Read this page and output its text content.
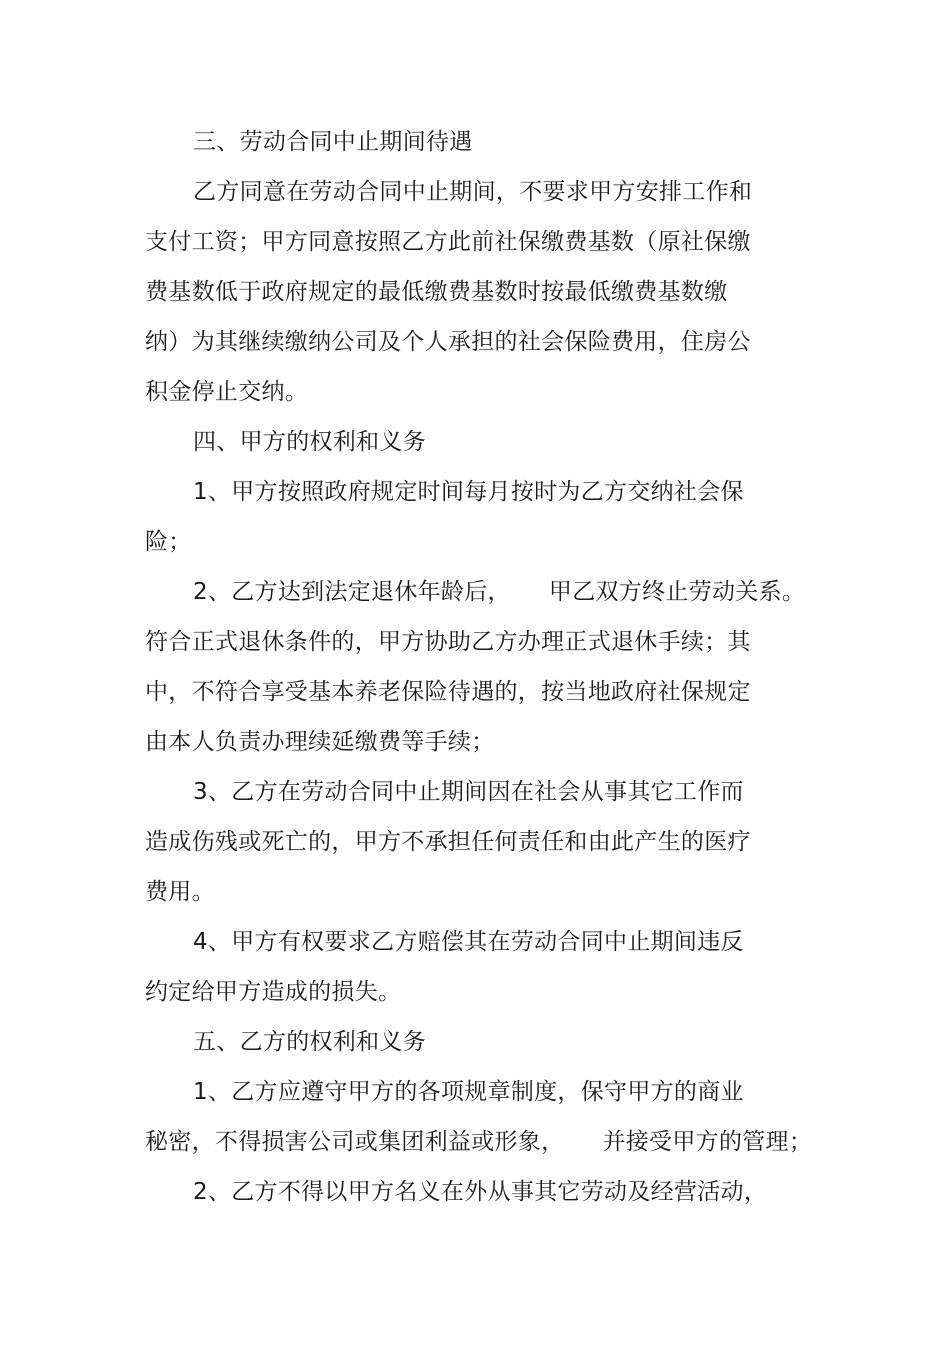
三、劳动合同中止期间待遇
乙方同意在劳动合同中止期间，不要求甲方安排工作和
支付工资；甲方同意按照乙方此前社保缴费基数（原社保缴
费基数低于政府规定的最低缴费基数时按最低缴费基数缴
纳）为其继续缴纳公司及个人承担的社会保险费用，住房公
积金停止交纳。
四、甲方的权利和义务
1、甲方按照政府规定时间每月按时为乙方交纳社会保
险；
2、乙方达到法定退休年龄后，     甲乙双方终止劳动关系。
符合正式退休条件的，甲方协助乙方办理正式退休手续；其
中，不符合享受基本养老保险待遇的，按当地政府社保规定
由本人负责办理续延缴费等手续；
3、乙方在劳动合同中止期间因在社会从事其它工作而
造成伤残或死亡的，甲方不承担任何责任和由此产生的医疗
费用。
4、甲方有权要求乙方赔偿其在劳动合同中止期间违反
约定给甲方造成的损失。
五、乙方的权利和义务
1、乙方应遵守甲方的各项规章制度，保守甲方的商业
秘密，不得损害公司或集团利益或形象，     并接受甲方的管理；
2、乙方不得以甲方名义在外从事其它劳动及经营活动，
